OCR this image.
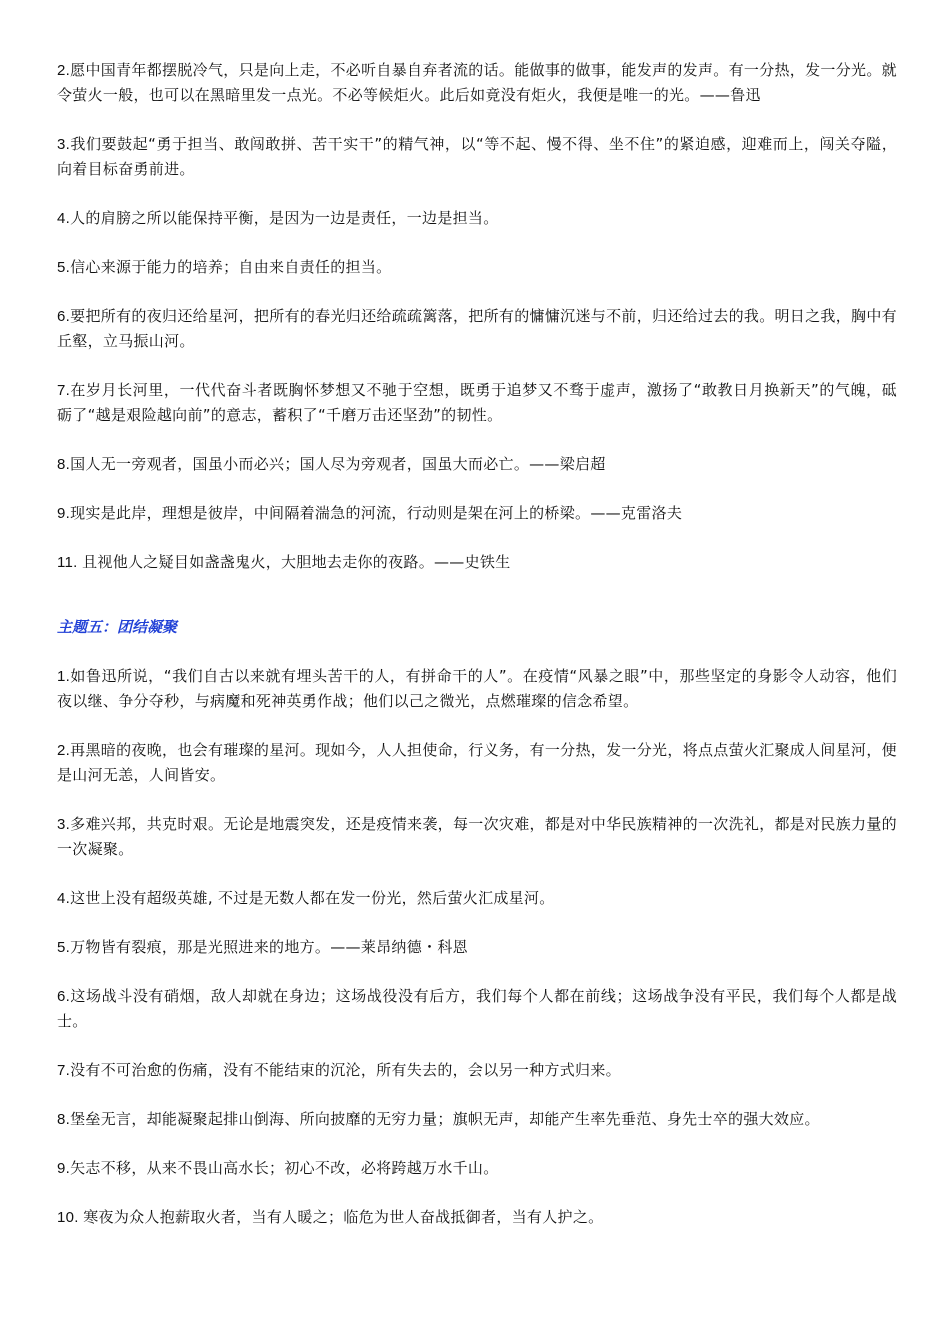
2.愿中国青年都摆脱冷气，只是向上走，不必听自暴自弃者流的话。能做事的做事，能发声的发声。有一分热，发一分光。就令萤火一般，也可以在黑暗里发一点光。不必等候炬火。此后如竟没有炬火，我便是唯一的光。——鲁迅

3.我们要鼓起“勇于担当、敢闯敢拼、苦干实干”的精气神，以“等不起、慢不得、坐不住”的紧迫感，迎难而上，闯关夺隘，向着目标奋勇前进。

4.人的肩膀之所以能保持平衡，是因为一边是责任，一边是担当。

5.信心来源于能力的培养；自由来自责任的担当。

6.要把所有的夜归还给星河，把所有的春光归还给疏疏篱落，把所有的慵慵沉迷与不前，归还给过去的我。明日之我，胸中有丘壑，立马振山河。

7.在岁月长河里，一代代奋斗者既胸怀梦想又不驰于空想，既勇于追梦又不骛于虚声，激扬了“敢教日月换新天”的气魄，砥砺了“越是艰险越向前”的意志，蓄积了“千磨万击还坚劲”的韧性。

8.国人无一旁观者，国虽小而必兴；国人尽为旁观者，国虽大而必亡。——梁启超

9.现实是此岸，理想是彼岸，中间隔着湍急的河流，行动则是架在河上的桥梁。——克雷洛夫

11. 且视他人之疑目如盏盏鬼火，大胆地去走你的夜路。——史铁生

主题五：团结凝聚

1.如鲁迅所说，“我们自古以来就有埋头苦干的人，有拼命干的人”。在疫情“风暴之眼”中，那些坚定的身影令人动容，他们夜以继、争分夺秒，与病魔和死神英勇作战；他们以己之微光，点燃璀璨的信念希望。

2.再黑暗的夜晚，也会有璀璨的星河。现如今，人人担使命，行义务，有一分热，发一分光，将点点萤火汇聚成人间星河，便是山河无恙，人间皆安。

3.多难兴邦，共克时艰。无论是地震突发，还是疫情来袭，每一次灾难，都是对中华民族精神的一次洗礼，都是对民族力量的一次凝聚。

4.这世上没有超级英雄, 不过是无数人都在发一份光，然后萤火汇成星河。

5.万物皆有裂痕，那是光照进来的地方。——莱昂纳德・科恩

6.这场战斗没有硝烟，敌人却就在身边；这场战役没有后方，我们每个人都在前线；这场战争没有平民，我们每个人都是战士。

7.没有不可治愈的伤痛，没有不能结束的沉沦，所有失去的，会以另一种方式归来。

8.堡垒无言，却能凝聚起排山倒海、所向披靡的无穷力量；旗帜无声，却能产生率先垂范、身先士卒的强大效应。

9.矢志不移，从来不畏山高水长；初心不改，必将跨越万水千山。

10. 寒夜为众人抱薪取火者，当有人暖之；临危为世人奋战抵御者，当有人护之。
